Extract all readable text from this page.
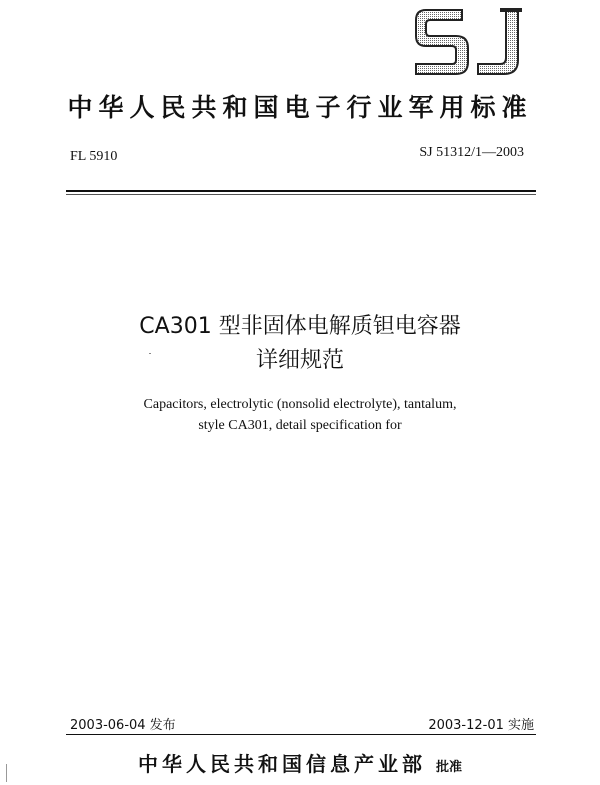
中华人民共和国电子行业军用标准
FL 5910	SJ 51312/1—2003
CA301 型非固体电解质钽电容器
详细规范
Capacitors, electrolytic (nonsolid electrolyte), tantalum,
style CA301, detail specification for
2003-06-04 发布	2003-12-01 实施
中华人民共和国信息产业部 批准
